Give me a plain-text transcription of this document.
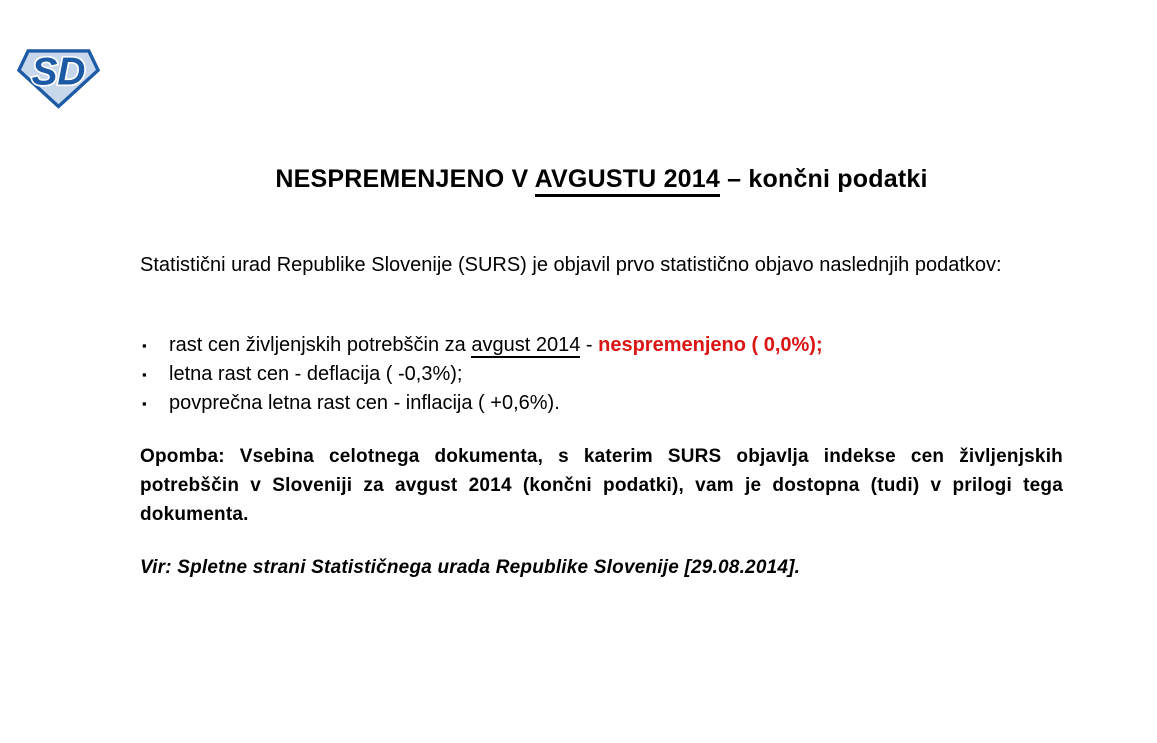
SD
NESPREMENJENO V AVGUSTU 2014 – končni podatki

Statistični urad Republike Slovenije (SURS) je objavil prvo statistično objavo naslednjih podatkov:

▪ rast cen življenjskih potrebščin za avgust 2014 - nespremenjeno ( 0,0%);
▪ letna rast cen - deflacija ( -0,3%);
▪ povprečna letna rast cen - inflacija ( +0,6%).

Opomba: Vsebina celotnega dokumenta, s katerim SURS objavlja indekse cen življenjskih potrebščin v Sloveniji za avgust 2014 (končni podatki), vam je dostopna (tudi) v prilogi tega dokumenta.

Vir: Spletne strani Statističnega urada Republike Slovenije [29.08.2014].
